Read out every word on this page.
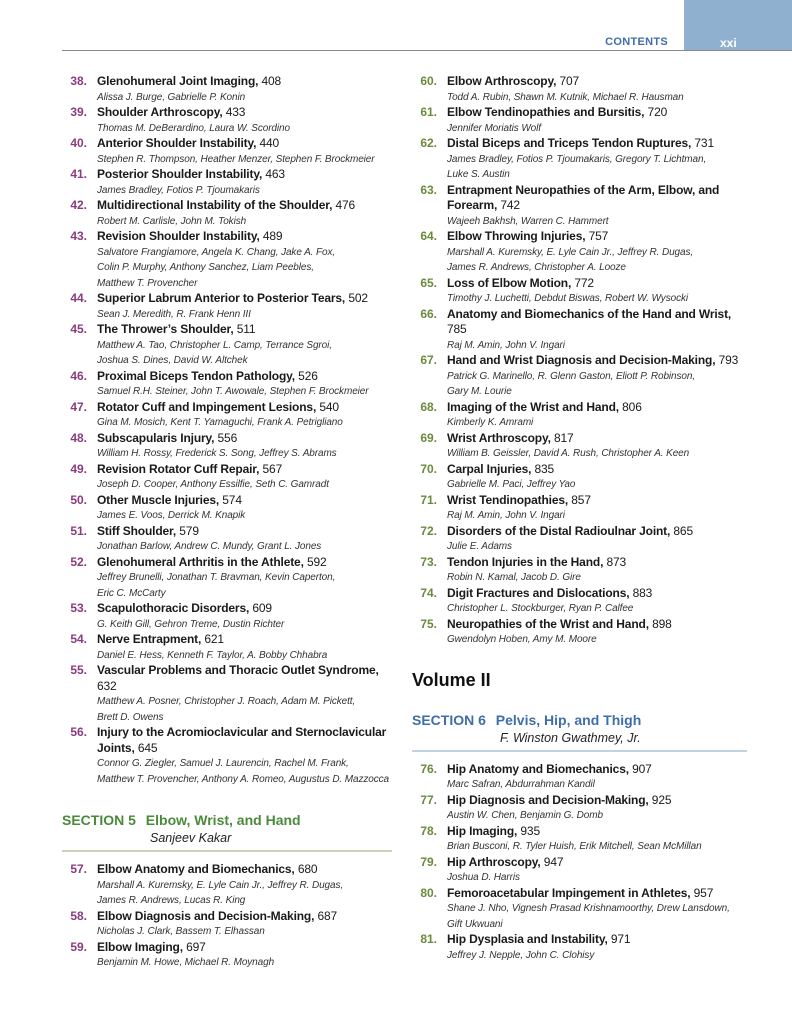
CONTENTS	xxi
38. Glenohumeral Joint Imaging, 408
Alissa J. Burge, Gabrielle P. Konin
39. Shoulder Arthroscopy, 433
Thomas M. DeBerardino, Laura W. Scordino
40. Anterior Shoulder Instability, 440
Stephen R. Thompson, Heather Menzer, Stephen F. Brockmeier
41. Posterior Shoulder Instability, 463
James Bradley, Fotios P. Tjoumakaris
42. Multidirectional Instability of the Shoulder, 476
Robert M. Carlisle, John M. Tokish
43. Revision Shoulder Instability, 489
Salvatore Frangiamore, Angela K. Chang, Jake A. Fox,
Colin P. Murphy, Anthony Sanchez, Liam Peebles,
Matthew T. Provencher
44. Superior Labrum Anterior to Posterior Tears, 502
Sean J. Meredith, R. Frank Henn III
45. The Thrower’s Shoulder, 511
Matthew A. Tao, Christopher L. Camp, Terrance Sgroi,
Joshua S. Dines, David W. Altchek
46. Proximal Biceps Tendon Pathology, 526
Samuel R.H. Steiner, John T. Awowale, Stephen F. Brockmeier
47. Rotator Cuff and Impingement Lesions, 540
Gina M. Mosich, Kent T. Yamaguchi, Frank A. Petrigliano
48. Subscapularis Injury, 556
William H. Rossy, Frederick S. Song, Jeffrey S. Abrams
49. Revision Rotator Cuff Repair, 567
Joseph D. Cooper, Anthony Essilfie, Seth C. Gamradt
50. Other Muscle Injuries, 574
James E. Voos, Derrick M. Knapik
51. Stiff Shoulder, 579
Jonathan Barlow, Andrew C. Mundy, Grant L. Jones
52. Glenohumeral Arthritis in the Athlete, 592
Jeffrey Brunelli, Jonathan T. Bravman, Kevin Caperton,
Eric C. McCarty
53. Scapulothoracic Disorders, 609
G. Keith Gill, Gehron Treme, Dustin Richter
54. Nerve Entrapment, 621
Daniel E. Hess, Kenneth F. Taylor, A. Bobby Chhabra
55. Vascular Problems and Thoracic Outlet Syndrome, 632
Matthew A. Posner, Christopher J. Roach, Adam M. Pickett,
Brett D. Owens
56. Injury to the Acromioclavicular and Sternoclavicular Joints, 645
Connor G. Ziegler, Samuel J. Laurencin, Rachel M. Frank,
Matthew T. Provencher, Anthony A. Romeo, Augustus D. Mazzocca
SECTION 5 Elbow, Wrist, and Hand
Sanjeev Kakar
57. Elbow Anatomy and Biomechanics, 680
Marshall A. Kuremsky, E. Lyle Cain Jr., Jeffrey R. Dugas,
James R. Andrews, Lucas R. King
58. Elbow Diagnosis and Decision-Making, 687
Nicholas J. Clark, Bassem T. Elhassan
59. Elbow Imaging, 697
Benjamin M. Howe, Michael R. Moynagh
60. Elbow Arthroscopy, 707
Todd A. Rubin, Shawn M. Kutnik, Michael R. Hausman
61. Elbow Tendinopathies and Bursitis, 720
Jennifer Moriatis Wolf
62. Distal Biceps and Triceps Tendon Ruptures, 731
James Bradley, Fotios P. Tjoumakaris, Gregory T. Lichtman,
Luke S. Austin
63. Entrapment Neuropathies of the Arm, Elbow, and Forearm, 742
Wajeeh Bakhsh, Warren C. Hammert
64. Elbow Throwing Injuries, 757
Marshall A. Kuremsky, E. Lyle Cain Jr., Jeffrey R. Dugas,
James R. Andrews, Christopher A. Looze
65. Loss of Elbow Motion, 772
Timothy J. Luchetti, Debdut Biswas, Robert W. Wysocki
66. Anatomy and Biomechanics of the Hand and Wrist, 785
Raj M. Amin, John V. Ingari
67. Hand and Wrist Diagnosis and Decision-Making, 793
Patrick G. Marinello, R. Glenn Gaston, Eliott P. Robinson,
Gary M. Lourie
68. Imaging of the Wrist and Hand, 806
Kimberly K. Amrami
69. Wrist Arthroscopy, 817
William B. Geissler, David A. Rush, Christopher A. Keen
70. Carpal Injuries, 835
Gabrielle M. Paci, Jeffrey Yao
71. Wrist Tendinopathies, 857
Raj M. Amin, John V. Ingari
72. Disorders of the Distal Radioulnar Joint, 865
Julie E. Adams
73. Tendon Injuries in the Hand, 873
Robin N. Kamal, Jacob D. Gire
74. Digit Fractures and Dislocations, 883
Christopher L. Stockburger, Ryan P. Calfee
75. Neuropathies of the Wrist and Hand, 898
Gwendolyn Hoben, Amy M. Moore
Volume II
SECTION 6 Pelvis, Hip, and Thigh
F. Winston Gwathmey, Jr.
76. Hip Anatomy and Biomechanics, 907
Marc Safran, Abdurrahman Kandil
77. Hip Diagnosis and Decision-Making, 925
Austin W. Chen, Benjamin G. Domb
78. Hip Imaging, 935
Brian Busconi, R. Tyler Huish, Erik Mitchell, Sean McMillan
79. Hip Arthroscopy, 947
Joshua D. Harris
80. Femoroacetabular Impingement in Athletes, 957
Shane J. Nho, Vignesh Prasad Krishnamoorthy, Drew Lansdown,
Gift Ukwuani
81. Hip Dysplasia and Instability, 971
Jeffrey J. Nepple, John C. Clohisy
